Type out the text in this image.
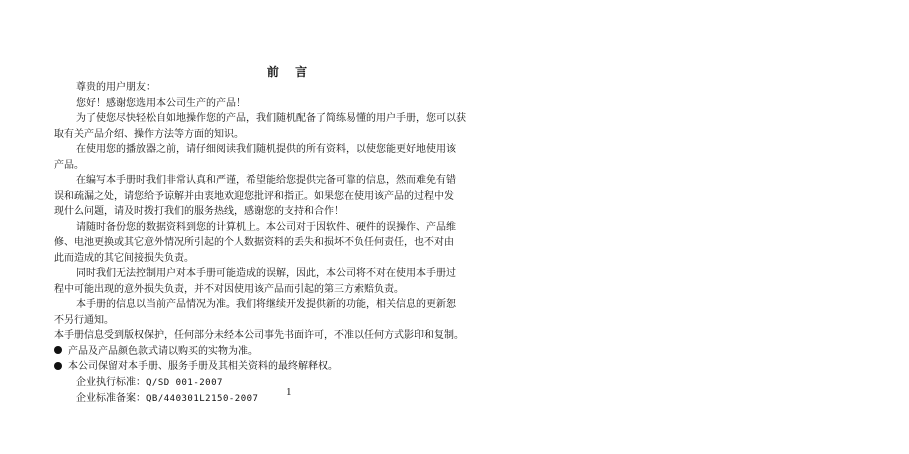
前 言
尊贵的用户朋友：
您好！感谢您选用本公司生产的产品！
为了使您尽快轻松自如地操作您的产品，我们随机配备了简练易懂的用户手册，您可以获
取有关产品介绍、操作方法等方面的知识。
在使用您的播放器之前，请仔细阅读我们随机提供的所有资料，以使您能更好地使用该
产品。
在编写本手册时我们非常认真和严谨，希望能给您提供完备可靠的信息，然而难免有错
误和疏漏之处，请您给予谅解并由衷地欢迎您批评和指正。如果您在使用该产品的过程中发
现什么问题，请及时拨打我们的服务热线，感谢您的支持和合作！
请随时备份您的数据资料到您的计算机上。本公司对于因软件、硬件的误操作、产品维
修、电池更换或其它意外情况所引起的个人数据资料的丢失和损坏不负任何责任，也不对由
此而造成的其它间接损失负责。
同时我们无法控制用户对本手册可能造成的误解，因此，本公司将不对在使用本手册过
程中可能出现的意外损失负责，并不对因使用该产品而引起的第三方索赔负责。
本手册的信息以当前产品情况为准。我们将继续开发提供新的功能，相关信息的更新恕
不另行通知。
本手册信息受到版权保护，任何部分未经本公司事先书面许可，不准以任何方式影印和复制。
产品及产品颜色款式请以购买的实物为准。
本公司保留对本手册、服务手册及其相关资料的最终解释权。
企业执行标准：Q/SD 001-2007
企业标准备案：QB/440301L2150-2007
1
